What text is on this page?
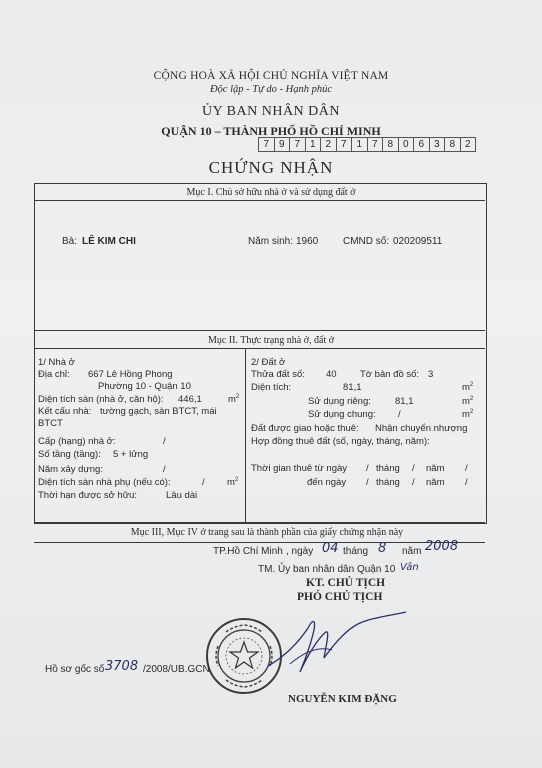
CỘNG HOÀ XÃ HỘI CHỦ NGHĨA VIỆT NAM
Độc lập - Tự do - Hạnh phúc
ỦY BAN NHÂN DÂN
QUẬN 10 – THÀNH PHỐ HỒ CHÍ MINH
7 9 7 1 2 7 1 7 8 0 6 3 8 2
CHỨNG NHẬN
Mục I. Chủ sở hữu nhà ở và sử dụng đất ở
Bà: LÊ KIM CHI	Năm sinh: 1960 CMND số: 020209511
Mục II. Thực trạng nhà ở, đất ở
1/ Nhà ở
Địa chỉ: 667 Lê Hồng Phong
Phường 10 - Quận 10
Diện tích sàn (nhà ở, căn hộ): 446,1	$m^2$
Kết cấu nhà: tường gạch, sàn BTCT, mái
BTCT
Cấp (hạng) nhà ở:	/
Số tầng (tầng): 5 + lửng
Năm xây dựng:	/
Diện tích sàn nhà phụ (nếu có):	/ $m^2$
Thời hạn được sở hữu:	Lâu dài
2/ Đất ở
Thửa đất số: 40 Tờ bản đồ số: 3
Diện tích:	81,1	$m^2$
Sử dụng riêng:	81,1	$m^2$
Sử dụng chung: /	$m^2$
Đất được giao hoặc thuê: Nhận chuyển nhượng
Hợp đồng thuê đất (số, ngày, tháng, năm):
Thời gian thuê từ ngày / tháng / năm /
đến ngày / tháng / năm /
Mục III, Mục IV ở trang sau là thành phần của giấy chứng nhận này
TP.Hồ Chí Minh , ngày 04 tháng 8 năm 2008
TM. Ủy ban nhân dân Quận 10 Vân
KT. CHỦ TỊCH
PHÓ CHỦ TỊCH
Hồ sơ gốc số 3708 /2008/UB.GCN
NGUYỄN KIM ĐẶNG
